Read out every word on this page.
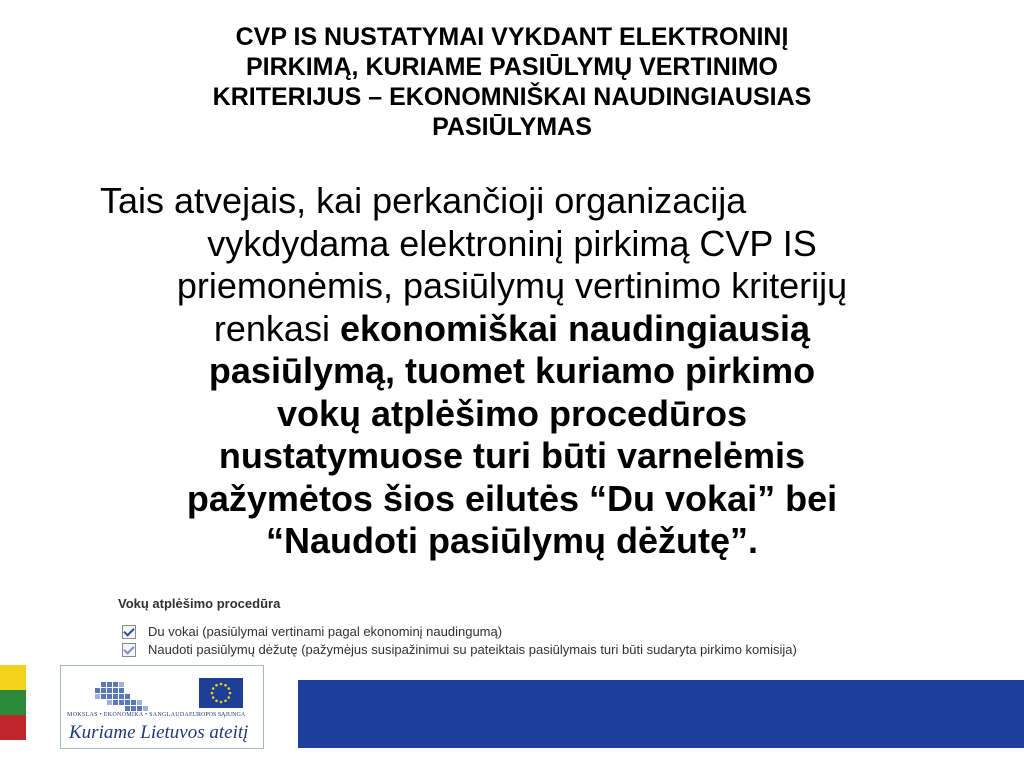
CVP IS NUSTATYMAI VYKDANT ELEKTRONINĮ
PIRKIMĄ, KURIAME PASIŪLYMŲ VERTINIMO
KRITERIJUS – EKONOMNIŠKAI NAUDINGIAUSIAS
PASIŪLYMAS
Tais atvejais, kai perkančioji organizacija
vykdydama elektroninį pirkimą CVP IS
priemonėmis, pasiūlymų vertinimo kriterijų
renkasi ekonomiškai naudingiausią
pasiūlymą, tuomet kuriamo pirkimo
vokų atplėšimo procedūros
nustatymuose turi būti varnelėmis
pažymėtos šios eilutės “Du vokai” bei
“Naudoti pasiūlymų dėžutę”.
Vokų atplėšimo procedūra
Du vokai (pasiūlymai vertinami pagal ekonominį naudingumą)
Naudoti pasiūlymų dėžutę (pažymėjus susipažinimui su pateiktais pasiūlymais turi būti sudaryta pirkimo komisija)
MOKSLAS • EKONOMIKA • SANGLAUDA EUROPOS SĄJUNGA
Kuriame Lietuvos ateitį
